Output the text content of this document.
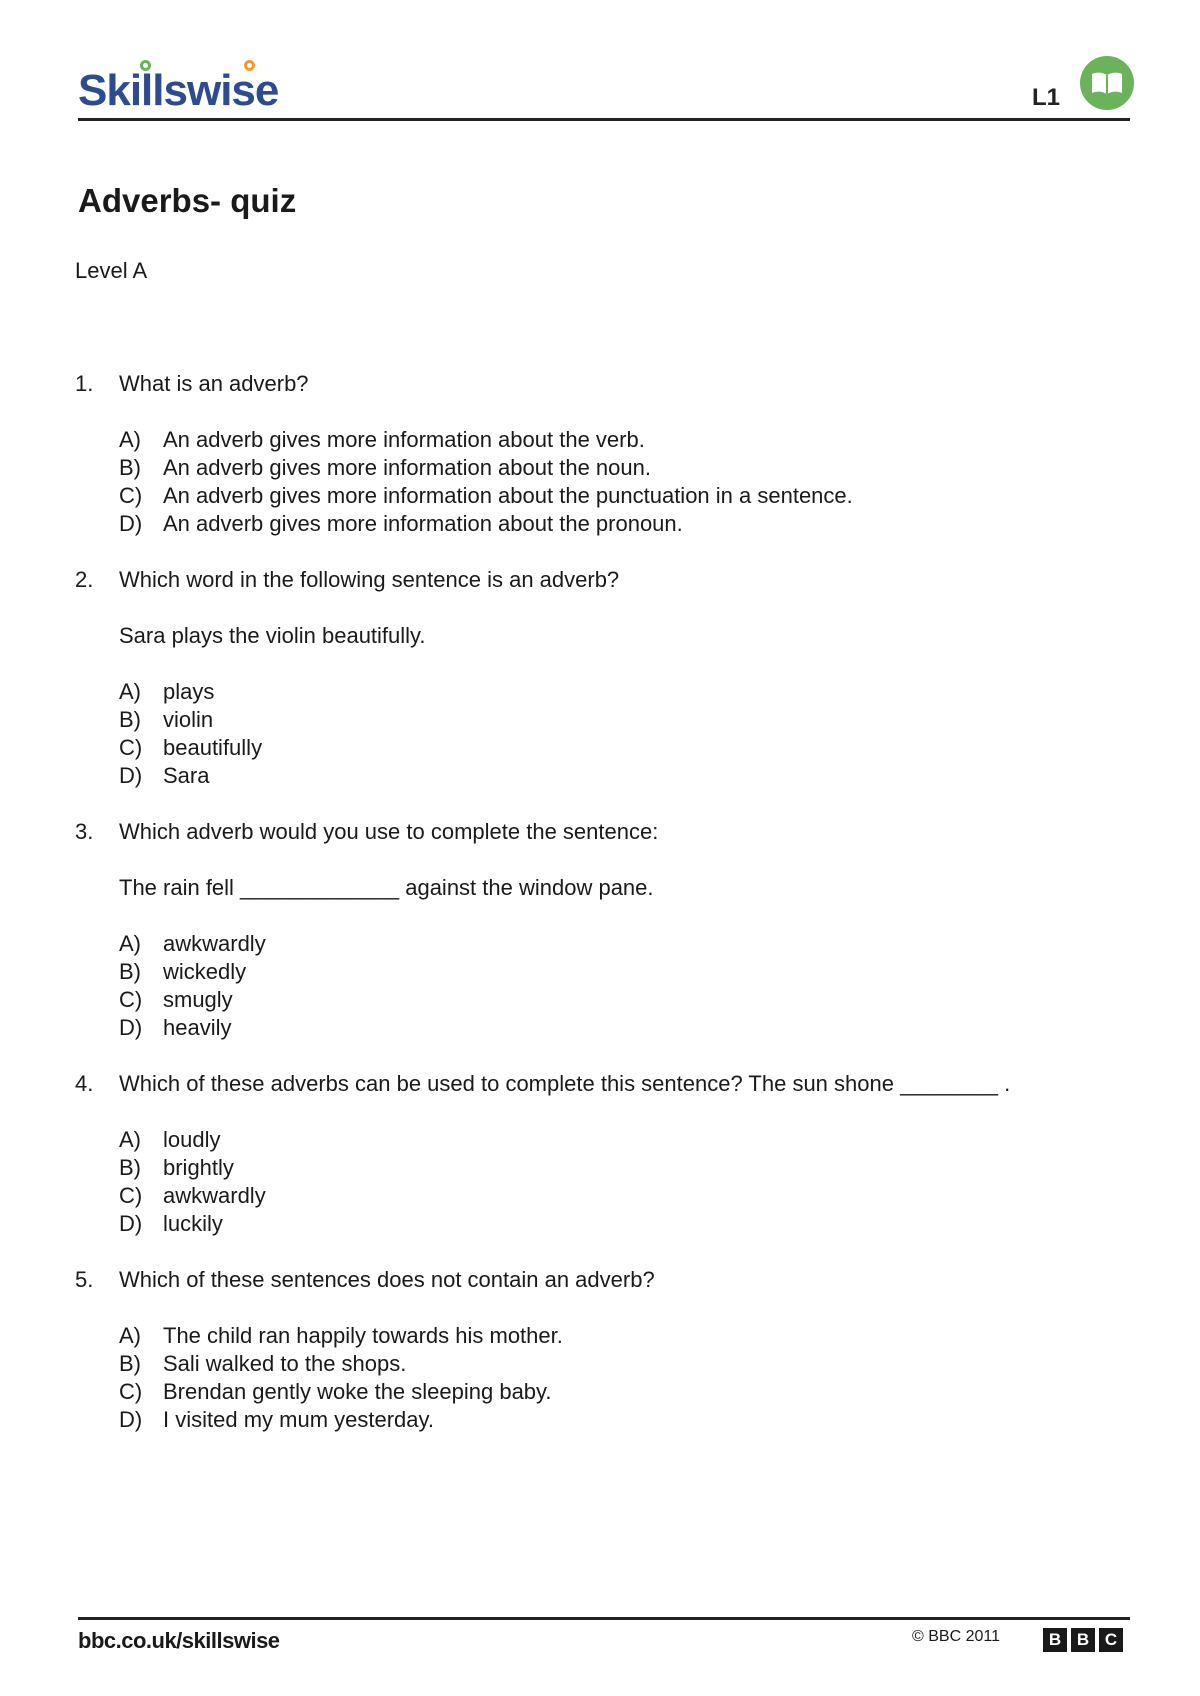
Skillswise	L1
Adverbs- quiz
Level A
1.	What is an adverb?
A)	An adverb gives more information about the verb.
B)	An adverb gives more information about the noun.
C) An adverb gives more information about the punctuation in a sentence.
D) An adverb gives more information about the pronoun.
2.	Which word in the following sentence is an adverb?
Sara plays the violin beautifully.
A)	plays
B)	violin
C) beautifully
D) Sara
3.	Which adverb would you use to complete the sentence:
The rain fell _____________ against the window pane.
A)	awkwardly
B)	wickedly
C) smugly
D) heavily
4.	Which of these adverbs can be used to complete this sentence? The sun shone ________ .
A)	loudly
B)	brightly
C) awkwardly
D) luckily
5.	Which of these sentences does not contain an adverb?
A)	The child ran happily towards his mother.
B)	Sali walked to the shops.
C) Brendan gently woke the sleeping baby.
D) I visited my mum yesterday.
bbc.co.uk/skillswise	© BBC 2011	B B C
